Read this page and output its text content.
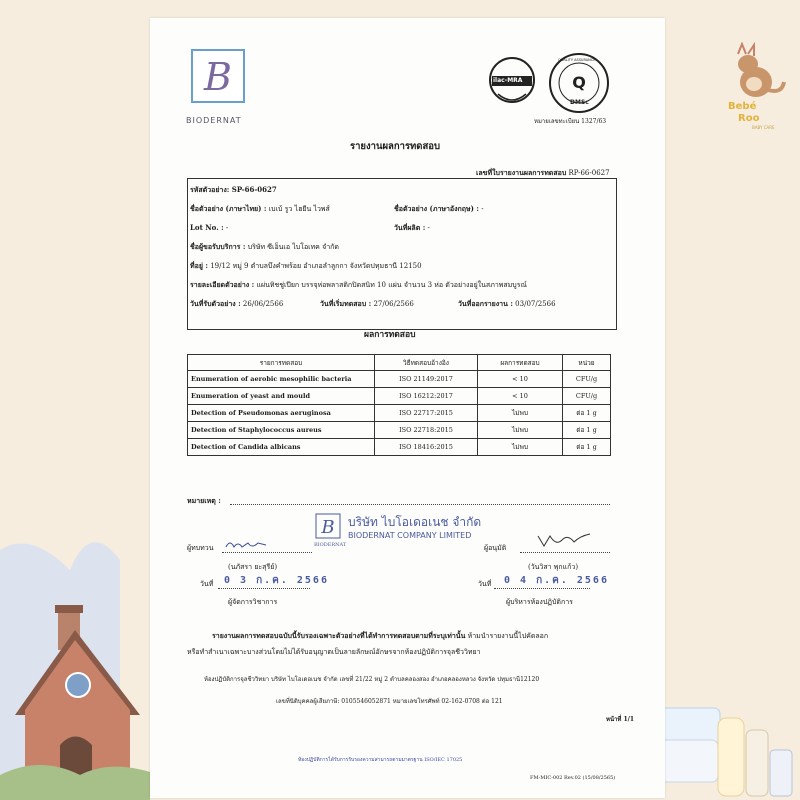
Bebé
Roo
BABY CARE
B
BIODERNAT
ilac-MRA	Q
QUALITY ASSURANCE
DMSc
หมายเลขทะเบียน 1327/63
รายงานผลการทดสอบ
เลขที่ใบรายงานผลการทดสอบ RP-66-0627
รหัสตัวอย่าง: SP-66-0627
ชื่อตัวอย่าง (ภาษาไทย) : เบเบ้ รูว ไฮยีน ไวพส์	ชื่อตัวอย่าง (ภาษาอังกฤษ) : -
Lot No. : -	วันที่ผลิต : -
ชื่อผู้ขอรับบริการ : บริษัท ซีเอ็นเอ ไบโอเทค จำกัด
ที่อยู่ : 19/12 หมู่ 9 ตำบลบึงคำพร้อย อำเภอลำลูกกา จังหวัดปทุมธานี 12150
รายละเอียดตัวอย่าง : แผ่นทิชชู่เปียก บรรจุห่อพลาสติกปิดสนิท 10 แผ่น จำนวน 3 ห่อ ตัวอย่างอยู่ในสภาพสมบูรณ์
วันที่รับตัวอย่าง : 26/06/2566	วันที่เริ่มทดสอบ : 27/06/2566	วันที่ออกรายงาน : 03/07/2566
ผลการทดสอบ
รายการทดสอบ	วิธีทดสอบอ้างอิง	ผลการทดสอบ	หน่วย
Enumeration of aerobic mesophilic bacteria	ISO 21149:2017	< 10	CFU/g
Enumeration of yeast and mould	ISO 16212:2017	< 10	CFU/g
Detection of Pseudomonas aeruginosa	ISO 22717:2015	ไม่พบ	ต่อ 1 g
Detection of Staphylococcus aureus	ISO 22718:2015	ไม่พบ	ต่อ 1 g
Detection of Candida albicans	ISO 18416:2015	ไม่พบ	ต่อ 1 g
หมายเหตุ :
ผู้ทบทวน
(นภัสรา ยะสุรีย์)
วันที่ 0 3 ก.ค. 2566
ผู้จัดการวิชาการ
B
BIODERNAT
บริษัท ไบโอเดอเนช จำกัด
BIODERNAT COMPANY LIMITED
ผู้อนุมัติ
(วันวิสา พุกแก้ว)
วันที่ 0 4 ก.ค. 2566
ผู้บริหารห้องปฏิบัติการ
รายงานผลการทดสอบฉบับนี้รับรองเฉพาะตัวอย่างที่ได้ทำการทดสอบตามที่ระบุเท่านั้น ห้ามนำรายงานนี้ไปคัดลอก
หรือทำสำเนาเฉพาะบางส่วนโดยไม่ได้รับอนุญาตเป็นลายลักษณ์อักษรจากห้องปฏิบัติการจุลชีววิทยา
ห้องปฏิบัติการจุลชีววิทยา บริษัท ไบโอเดอเนช จำกัด เลขที่ 21/22 หมู่ 2 ตำบลคลองสอง อำเภอคลองหลวง จังหวัด ปทุมธานี12120
เลขที่นิติบุคคลผู้เสียภาษี: 0105546052871 หมายเลขโทรศัพท์ 02-162-0708 ต่อ 121
หน้าที่ 1/1
ห้องปฏิบัติการได้รับการรับรองความสามารถตามมาตรฐาน ISO/IEC 17025
FM-MIC-002 Rev.02 (15/08/2565)
